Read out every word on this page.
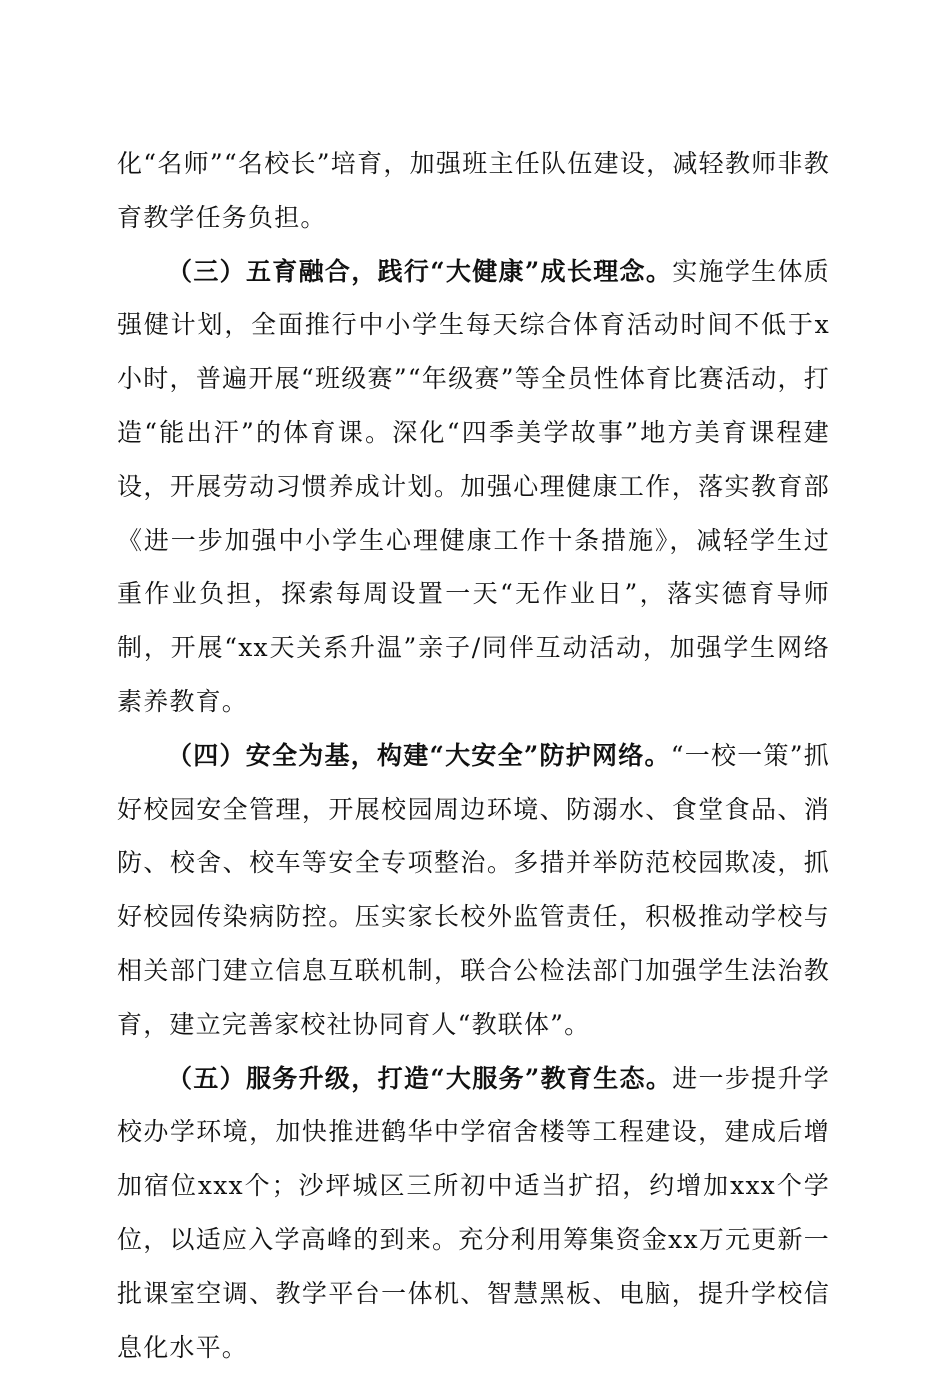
化“名师”“名校长”培育，加强班主任队伍建设，减轻教师非教育教学任务负担。

（三）五育融合，践行“大健康”成长理念。实施学生体质强健计划，全面推行中小学生每天综合体育活动时间不低于x小时，普遍开展“班级赛”“年级赛”等全员性体育比赛活动，打造“能出汗”的体育课。深化“四季美学故事”地方美育课程建设，开展劳动习惯养成计划。加强心理健康工作，落实教育部《进一步加强中小学生心理健康工作十条措施》，减轻学生过重作业负担，探索每周设置一天“无作业日”，落实德育导师制，开展“xx天关系升温”亲子/同伴互动活动，加强学生网络素养教育。

（四）安全为基，构建“大安全”防护网络。“一校一策”抓好校园安全管理，开展校园周边环境、防溺水、食堂食品、消防、校舍、校车等安全专项整治。多措并举防范校园欺凌，抓好校园传染病防控。压实家长校外监管责任，积极推动学校与相关部门建立信息互联机制，联合公检法部门加强学生法治教育，建立完善家校社协同育人“教联体”。

（五）服务升级，打造“大服务”教育生态。进一步提升学校办学环境，加快推进鹤华中学宿舍楼等工程建设，建成后增加宿位xxx个；沙坪城区三所初中适当扩招，约增加xxx个学位，以适应入学高峰的到来。充分利用筹集资金xx万元更新一批课室空调、教学平台一体机、智慧黑板、电脑，提升学校信息化水平。
